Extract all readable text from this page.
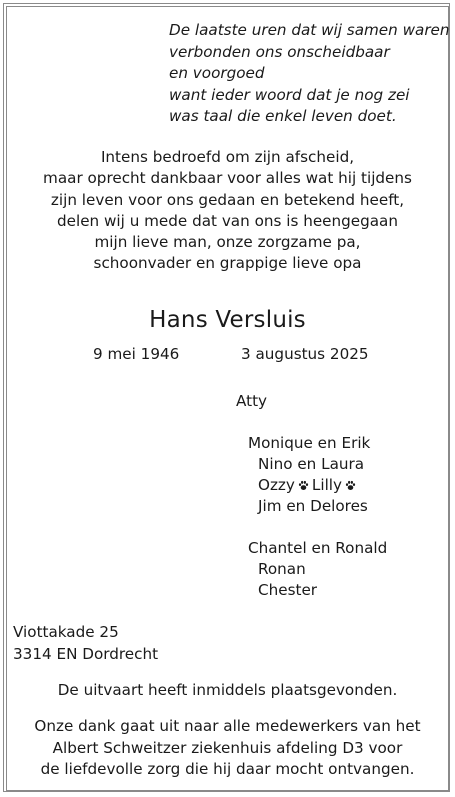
De laatste uren dat wij samen waren
verbonden ons onscheidbaar
en voorgoed
want ieder woord dat je nog zei
was taal die enkel leven doet.
Intens bedroefd om zijn afscheid,
maar oprecht dankbaar voor alles wat hij tijdens
zijn leven voor ons gedaan en betekend heeft,
delen wij u mede dat van ons is heengegaan
mijn lieve man, onze zorgzame pa,
schoonvader en grappige lieve opa
Hans Versluis
9 mei 1946	3 augustus 2025
Atty
Monique en Erik
Nino en Laura
Ozzy Lilly
Jim en Delores
Chantel en Ronald
Ronan
Chester
Viottakade 25
3314 EN Dordrecht
De uitvaart heeft inmiddels plaatsgevonden.
Onze dank gaat uit naar alle medewerkers van het
Albert Schweitzer ziekenhuis afdeling D3 voor
de liefdevolle zorg die hij daar mocht ontvangen.
